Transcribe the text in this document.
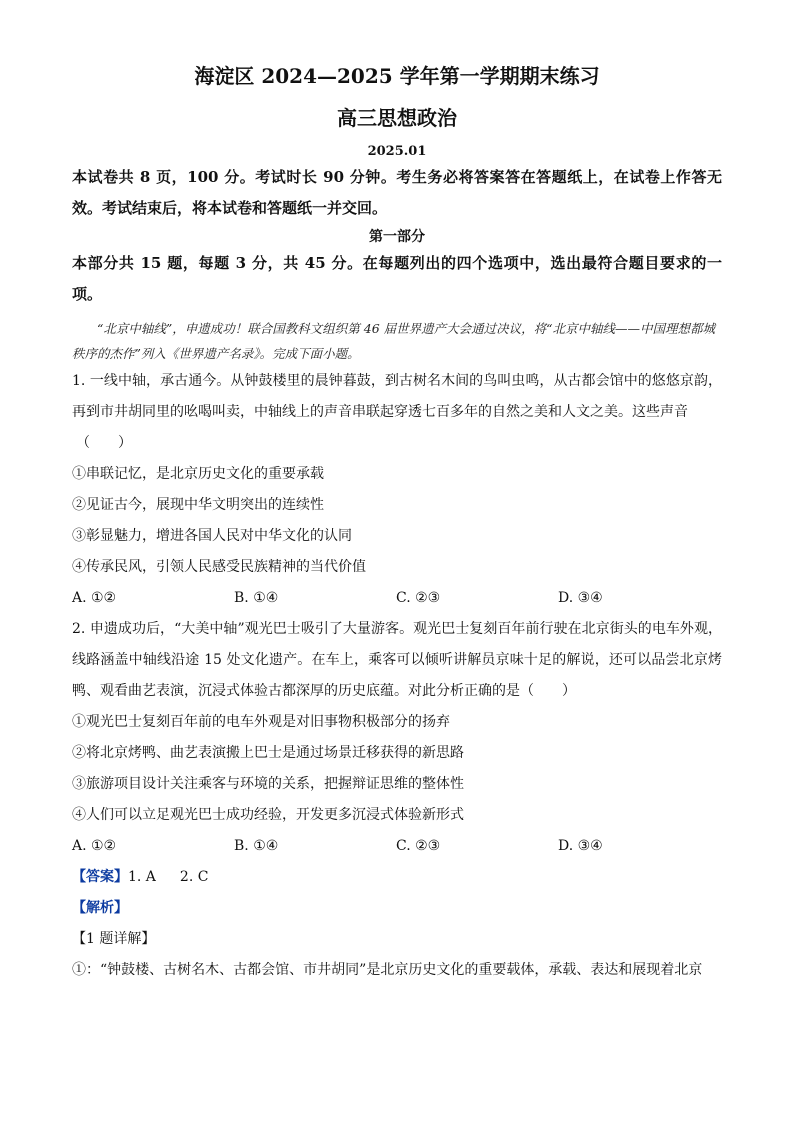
海淀区 2024—2025 学年第一学期期末练习

高三思想政治

2025.01

本试卷共 8 页，100 分。考试时长 90 分钟。考生务必将答案答在答题纸上，在试卷上作答无效。考试结束后，将本试卷和答题纸一并交回。

第一部分

本部分共 15 题，每题 3 分，共 45 分。在每题列出的四个选项中，选出最符合题目要求的一项。

“北京中轴线”，申遗成功！联合国教科文组织第 46 届世界遗产大会通过决议，将“北京中轴线——中国理想都城秩序的杰作”列入《世界遗产名录》。完成下面小题。

1. 一线中轴，承古通今。从钟鼓楼里的晨钟暮鼓，到古树名木间的鸟叫虫鸣，从古都会馆中的悠悠京韵，再到市井胡同里的吆喝叫卖，中轴线上的声音串联起穿透七百多年的自然之美和人文之美。这些声音

（　　）

①串联记忆，是北京历史文化的重要承载

②见证古今，展现中华文明突出的连续性

③彰显魅力，增进各国人民对中华文化的认同

④传承民风，引领人民感受民族精神的当代价值

A. ①②	B. ①④	C. ②③	D. ③④

2. 申遗成功后，“大美中轴”观光巴士吸引了大量游客。观光巴士复刻百年前行驶在北京街头的电车外观，线路涵盖中轴线沿途 15 处文化遗产。在车上，乘客可以倾听讲解员京味十足的解说，还可以品尝北京烤鸭、观看曲艺表演，沉浸式体验古都深厚的历史底蕴。对此分析正确的是（　　）

①观光巴士复刻百年前的电车外观是对旧事物积极部分的扬弃

②将北京烤鸭、曲艺表演搬上巴士是通过场景迁移获得的新思路

③旅游项目设计关注乘客与环境的关系，把握辩证思维的整体性

④人们可以立足观光巴士成功经验，开发更多沉浸式体验新形式

A. ①②	B. ①④	C. ②③	D. ③④

【答案】1. A 2. C

【解析】

【1 题详解】

①：“钟鼓楼、古树名木、古都会馆、市井胡同”是北京历史文化的重要载体，承载、表达和展现着北京
